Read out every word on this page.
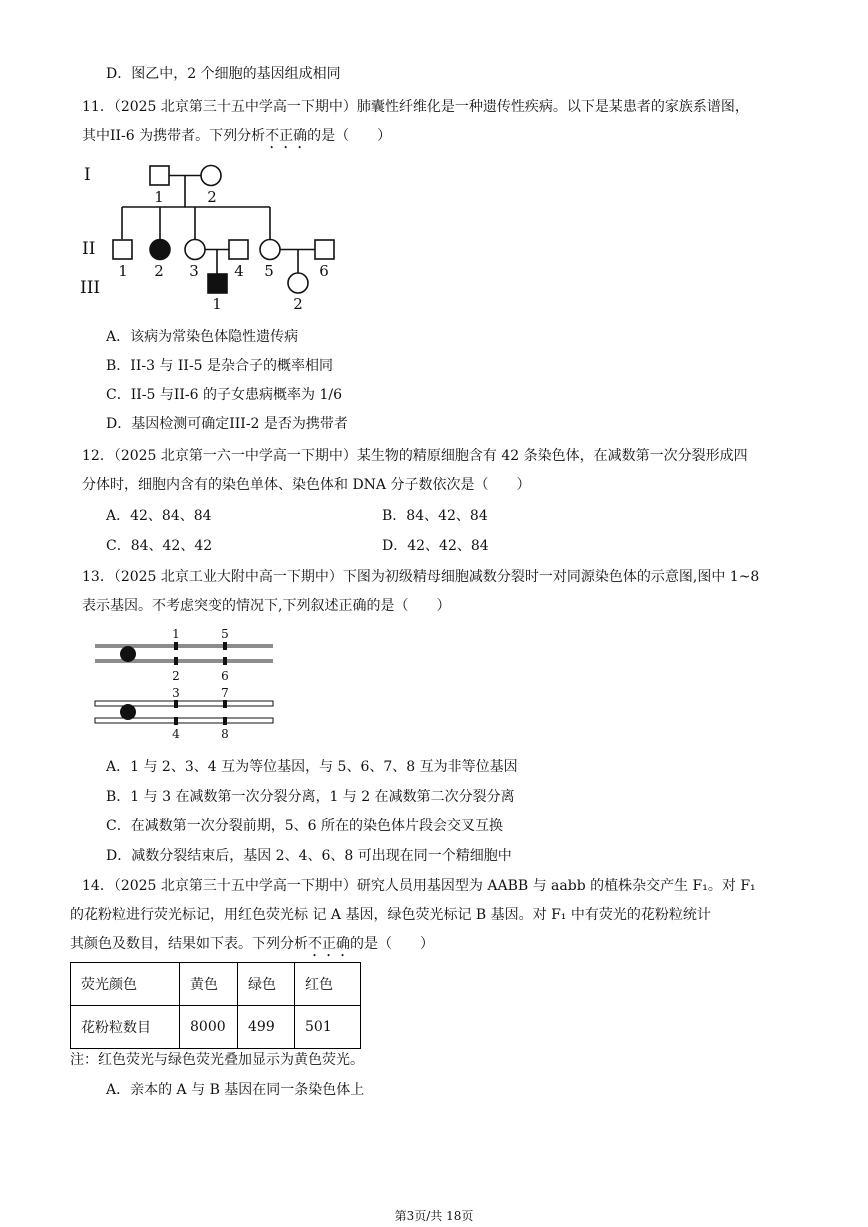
D．图乙中，2 个细胞的基因组成相同
11．（2025 北京第三十五中学高一下期中）肺囊性纤维化是一种遗传性疾病。以下是某患者的家族系谱图，
其中II-6 为携带者。下列分析不正确的是（　　）
I
II
III
1	2
1 2 3 4 5	6
1	2
A．该病为常染色体隐性遗传病
B．II-3 与 II-5 是杂合子的概率相同
C．II-5 与II-6 的子女患病概率为 1/6
D．基因检测可确定III-2 是否为携带者
12．（2025 北京第一六一中学高一下期中）某生物的精原细胞含有 42 条染色体，在减数第一次分裂形成四
分体时，细胞内含有的染色单体、染色体和 DNA 分子数依次是（　　）
A．42、84、84	B．84、42、84
C．84、42、42	D．42、42、84
13．（2025 北京工业大附中高一下期中）下图为初级精母细胞减数分裂时一对同源染色体的示意图,图中 1~8
表示基因。不考虑突变的情况下,下列叙述正确的是（　　）
1	5
2	6
3	7
4	8
A．1 与 2、3、4 互为等位基因，与 5、6、7、8 互为非等位基因
B．1 与 3 在减数第一次分裂分离，1 与 2 在减数第二次分裂分离
C．在减数第一次分裂前期，5、6 所在的染色体片段会交叉互换
D．减数分裂结束后，基因 2、4、6、8 可出现在同一个精细胞中
14．（2025 北京第三十五中学高一下期中）研究人员用基因型为 AABB 与 aabb 的植株杂交产生 F₁。对 F₁
的花粉粒进行荧光标记，用红色荧光标 记 A 基因，绿色荧光标记 B 基因。对 F₁ 中有荧光的花粉粒统计
其颜色及数目，结果如下表。下列分析不正确的是（　　）
荧光颜色	黄色	绿色	红色
花粉粒数目	8000	499	501
注：红色荧光与绿色荧光叠加显示为黄色荧光。
A．亲本的 A 与 B 基因在同一条染色体上
第3页/共 18页
